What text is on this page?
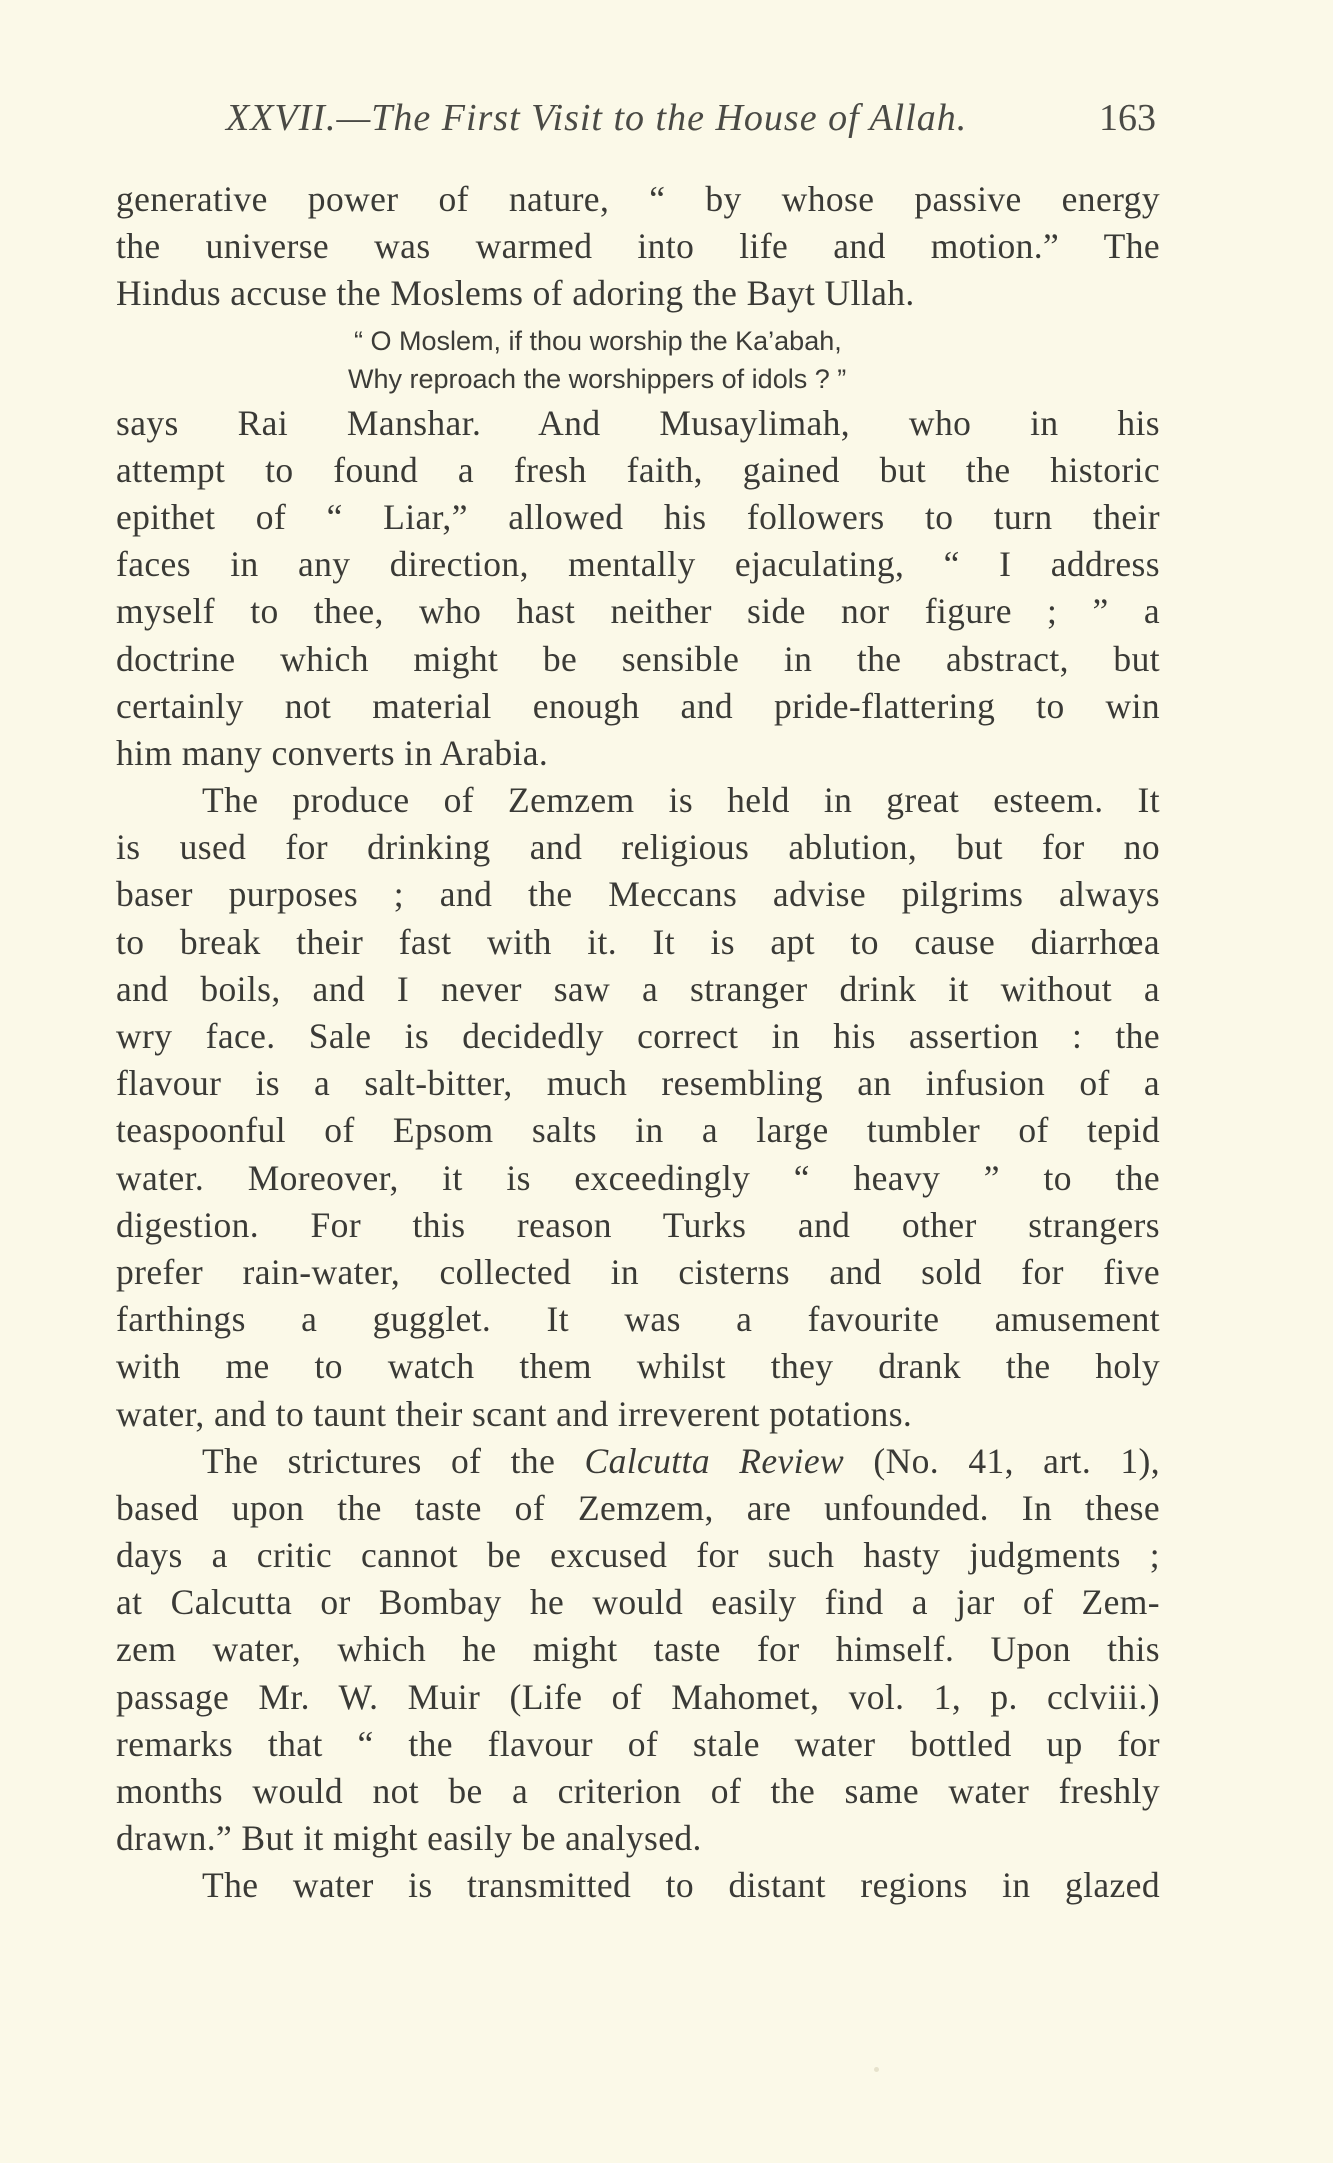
XXVII.—The First Visit to the House of Allah.	163
generative power of nature, “ by whose passive energy
the universe was warmed into life and motion.” The
Hindus accuse the Moslems of adoring the Bayt Ullah.
“ O Moslem, if thou worship the Ka’abah,
Why reproach the worshippers of idols ? ”
says Rai Manshar. And Musaylimah, who in his
attempt to found a fresh faith, gained but the historic
epithet of “ Liar,” allowed his followers to turn their
faces in any direction, mentally ejaculating, “ I address
myself to thee, who hast neither side nor figure ; ” a
doctrine which might be sensible in the abstract, but
certainly not material enough and pride-flattering to win
him many converts in Arabia.
The produce of Zemzem is held in great esteem. It
is used for drinking and religious ablution, but for no
baser purposes ; and the Meccans advise pilgrims always
to break their fast with it. It is apt to cause diarrhœa
and boils, and I never saw a stranger drink it without a
wry face. Sale is decidedly correct in his assertion : the
flavour is a salt-bitter, much resembling an infusion of a
teaspoonful of Epsom salts in a large tumbler of tepid
water. Moreover, it is exceedingly “ heavy ” to the
digestion. For this reason Turks and other strangers
prefer rain-water, collected in cisterns and sold for five
farthings a gugglet. It was a favourite amusement
with me to watch them whilst they drank the holy
water, and to taunt their scant and irreverent potations.
The strictures of the Calcutta Review (No. 41, art. 1),
based upon the taste of Zemzem, are unfounded. In these
days a critic cannot be excused for such hasty judgments ;
at Calcutta or Bombay he would easily find a jar of Zem-
zem water, which he might taste for himself. Upon this
passage Mr. W. Muir (Life of Mahomet, vol. 1, p. cclviii.)
remarks that “ the flavour of stale water bottled up for
months would not be a criterion of the same water freshly
drawn.” But it might easily be analysed.
The water is transmitted to distant regions in glazed
